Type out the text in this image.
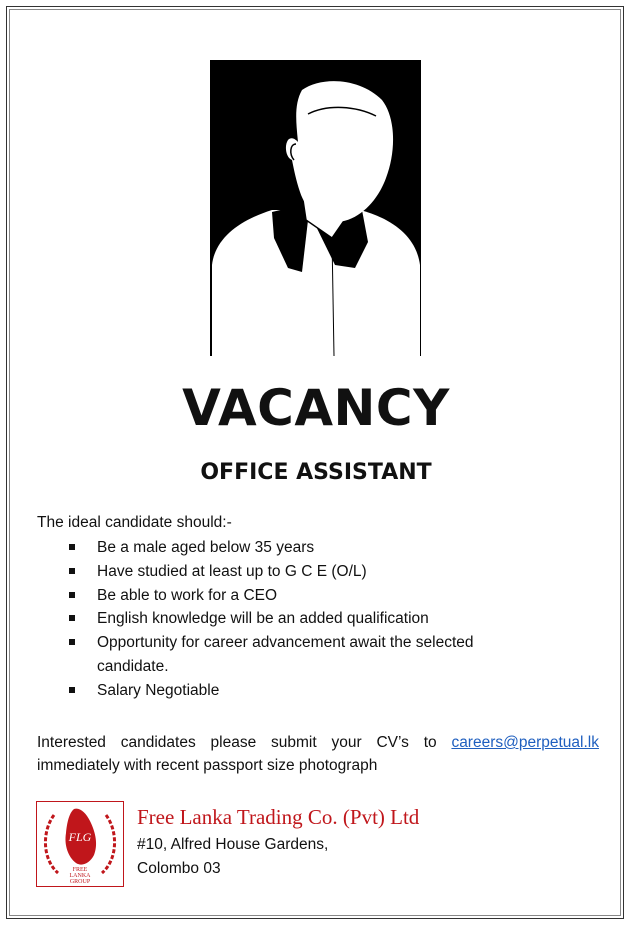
VACANCY
OFFICE ASSISTANT
The ideal candidate should:-
Be a male aged below 35 years
Have studied at least up to G C E (O/L)
Be able to work for a CEO
English knowledge will be an added qualification
Opportunity for career advancement await the selected candidate.
Salary Negotiable
Interested candidates please submit your CV’s to careers@perpetual.lk immediately with recent passport size photograph
FLG
FREE
LANKA
GROUP
Free Lanka Trading Co. (Pvt) Ltd
#10, Alfred House Gardens,
Colombo 03
